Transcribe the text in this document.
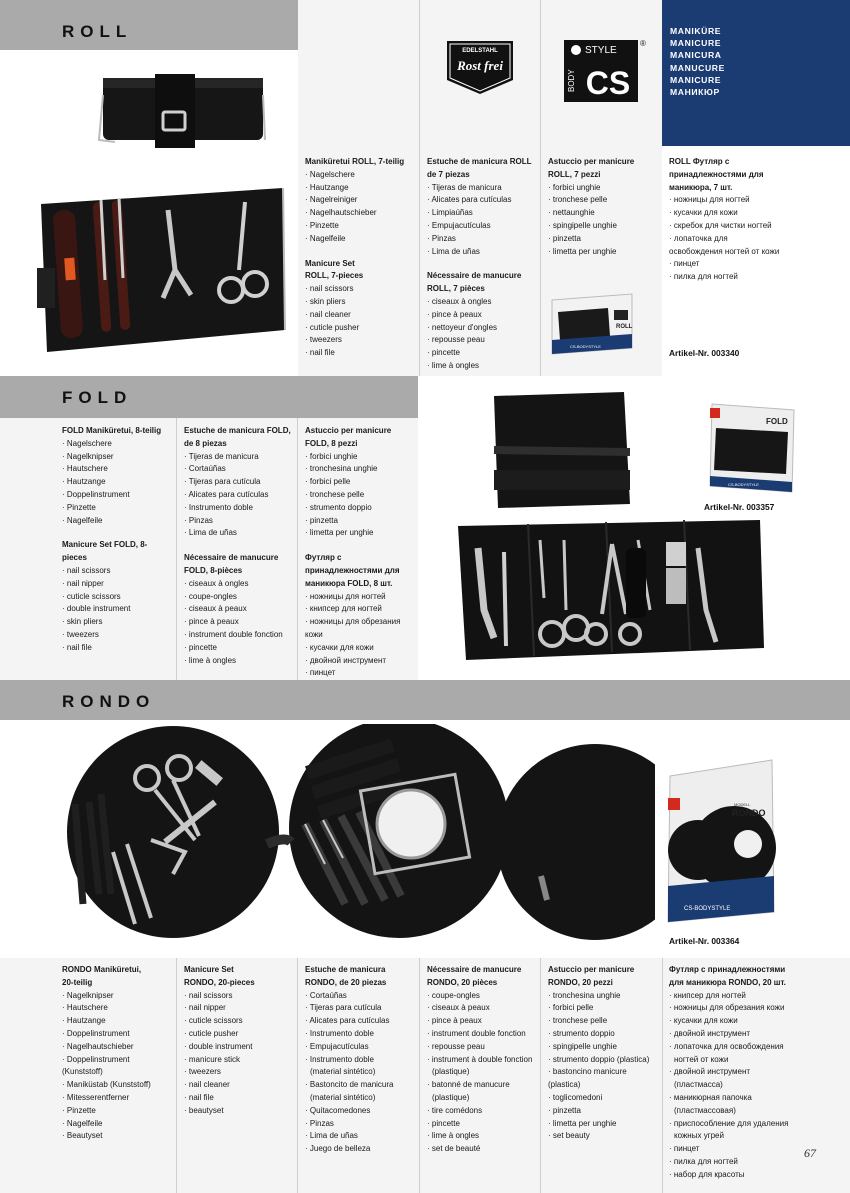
ROLL
EDELSTAHL
Rost frei
STYLE
BODY CS
®
MANIKÜRE
MANICURE
MANICURA
MANUCURE
MANICURE
МАНИКЮР
Maniküretui ROLL, 7-teilig
· Nagelschere
· Hautzange
· Nagelreiniger
· Nagelhautschieber
· Pinzette
· Nagelfeile
Manicure Set ROLL, 7-pieces
· nail scissors
· skin pliers
· nail cleaner
· cuticle pusher
· tweezers
· nail file
Estuche de manicura ROLL de 7 piezas
· Tijeras de manicura
· Alicates para cutículas
· Limpiaúñas
· Empujacutículas
· Pinzas
· Lima de uñas
Nécessaire de manucure ROLL, 7 pièces
· ciseaux à ongles
· pince à peaux
· nettoyeur d'ongles
· repousse peau
· pincette
· lime à ongles
Astuccio per manicure ROLL, 7 pezzi
· forbici unghie
· tronchese pelle
· nettaunghie
· spingipelle unghie
· pinzetta
· limetta per unghie
ROLL Футляр с принадлежностями для маникюра, 7 шт.
· ножницы для ногтей
· кусачки для кожи
· скребок для чистки ногтей
· лопаточка для освобождения ногтей от кожи
· пинцет
· пилка для ногтей
ROLL
CS-BODYSTYLE
Artikel-Nr. 003340
FOLD
FOLD Maniküretui, 8-teilig
· Nagelschere
· Nagelknipser
· Hautschere
· Hautzange
· Doppelinstrument
· Pinzette
· Nagelfeile
Manicure Set FOLD, 8-pieces
· nail scissors
· nail nipper
· cuticle scissors
· double instrument
· skin pliers
· tweezers
· nail file
Estuche de manicura FOLD, de 8 piezas
· Tijeras de manicura
· Cortaúñas
· Tijeras para cutícula
· Alicates para cutículas
· Instrumento doble
· Pinzas
· Lima de uñas
Nécessaire de manucure FOLD, 8-pièces
· ciseaux à ongles
· coupe-ongles
· ciseaux à peaux
· pince à peaux
· instrument double fonction
· pincette
· lime à ongles
Astuccio per manicure FOLD, 8 pezzi
· forbici unghie
· tronchesina unghie
· forbici pelle
· tronchese pelle
· strumento doppio
· pinzetta
· limetta per unghie
Футляр с принадлежностями для маникюра FOLD, 8 шт.
· ножницы для ногтей
· книпсер для ногтей
· ножницы для обрезания кожи
· кусачки для кожи
· двойной инструмент
· пинцет
FOLD
CS-BODYSTYLE
Artikel-Nr. 003357
RONDO
MODELL
RONDO
CS-BODYSTYLE
Artikel-Nr. 003364
RONDO Maniküretui, 20-teilig
· Nagelknipser
· Hautschere
· Hautzange
· Doppelinstrument
· Nagelhautschieber
· Doppelinstrument (Kunststoff)
· Maniküstab (Kunststoff)
· Mitesserentferner
· Pinzette
· Nagelfeile
· Beautyset
Manicure Set RONDO, 20-pieces
· nail scissors
· nail nipper
· cuticle scissors
· cuticle pusher
· double instrument
· manicure stick
· tweezers
· nail cleaner
· nail file
· beautyset
Estuche de manicura RONDO, de 20 piezas
· Cortaúñas
· Tijeras para cutícula
· Alicates para cutículas
· Instrumento doble
· Empujacutículas
· Instrumento doble
(material sintético)
· Bastoncito de manicura
(material sintético)
· Quitacomedones
· Pinzas
· Lima de uñas
· Juego de belleza
Nécessaire de manucure RONDO, 20 pièces
· coupe-ongles
· ciseaux à peaux
· pince à peaux
· instrument double fonction
· repousse peau
· instrument à double fonction
(plastique)
· batonné de manucure
(plastique)
· tire comédons
· pincette
· lime à ongles
· set de beauté
Astuccio per manicure RONDO, 20 pezzi
· tronchesina unghie
· forbici pelle
· tronchese pelle
· strumento doppio
· spingipelle unghie
· strumento doppio (plastica)
· bastoncino manicure (plastica)
· toglicomedoni
· pinzetta
· limetta per unghie
· set beauty
Футляр с принадлежностями для маникюра RONDO, 20 шт.
· книпсер для ногтей
· ножницы для обрезания кожи
· кусачки для кожи
· двойной инструмент
· лопаточка для освобождения
ногтей от кожи
· двойной инструмент
(пластмасса)
· маникюрная папочка
(пластмассовая)
· приспособление для удаления
кожных угрей
· пинцет
· пилка для ногтей
· набор для красоты
67
